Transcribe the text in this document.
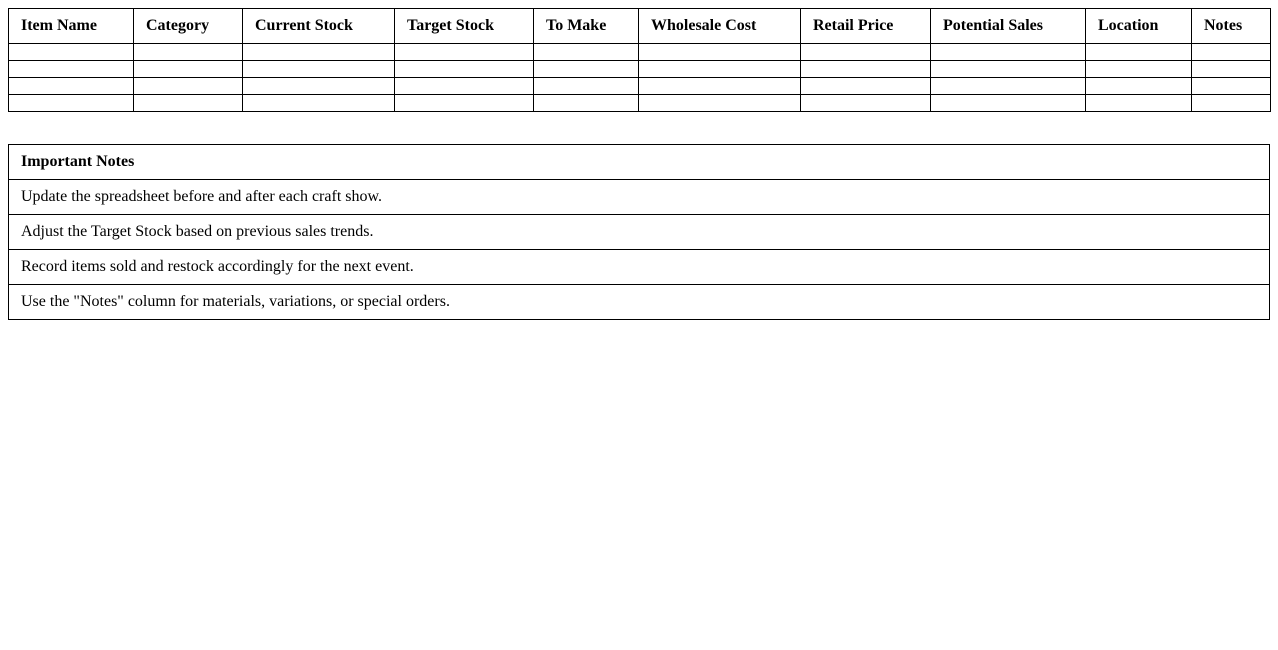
Item Name	Category	Current Stock	Target Stock	To Make	Wholesale Cost	Retail Price	Potential Sales	Location	Notes

Important Notes
Update the spreadsheet before and after each craft show.
Adjust the Target Stock based on previous sales trends.
Record items sold and restock accordingly for the next event.
Use the "Notes" column for materials, variations, or special orders.
